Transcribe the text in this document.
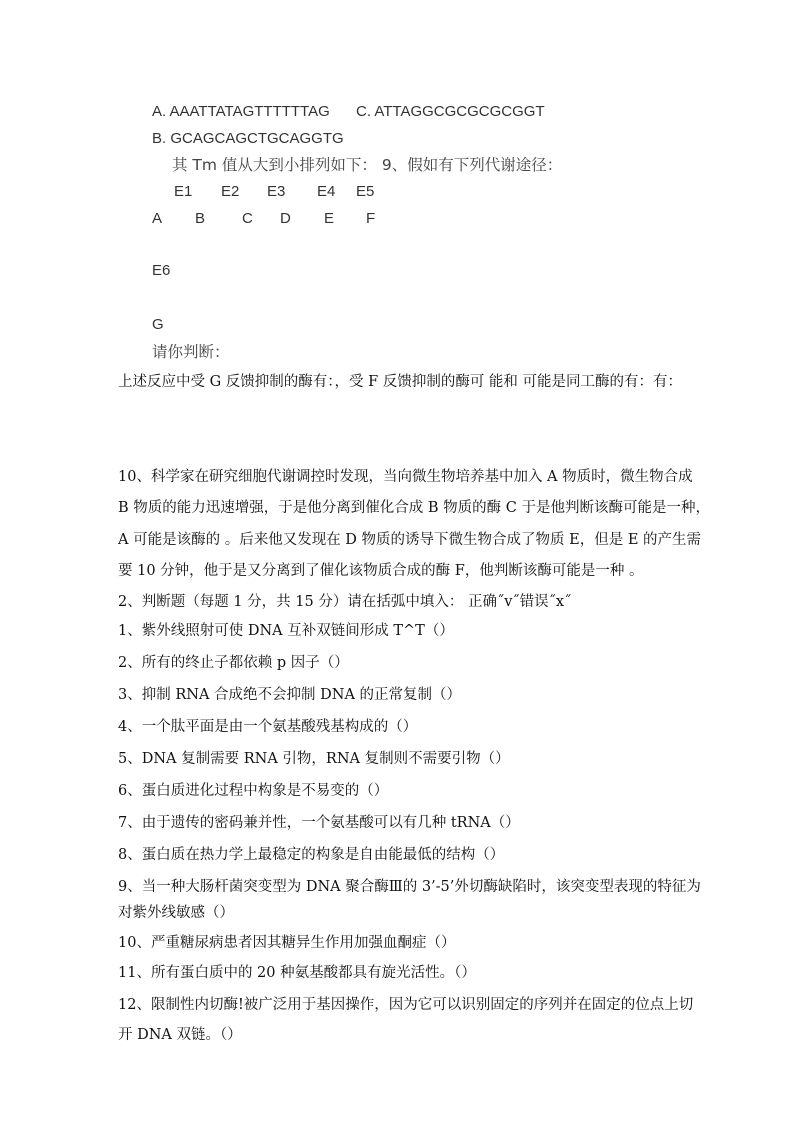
A. AAATTATAGTTTTTTAG C. ATTAGGCGCGCGCGGT
B. GCAGCAGCTGCAGGTG
其 Tm 值从大到小排列如下： 9、假如有下列代谢途径：
E1 E2 E3 E4 E5
A B C D E F
E6
G
请你判断：
上述反应中受 G 反馈抑制的酶有：，受 F 反馈抑制的酶可 能和 可能是同工酶的有：有：
10、科学家在研究细胞代谢调控时发现，当向微生物培养基中加入 A 物质时，微生物合成
B 物质的能力迅速增强，于是他分离到催化合成 B 物质的酶 C 于是他判断该酶可能是一种，
A 可能是该酶的 。后来他又发现在 D 物质的诱导下微生物合成了物质 E，但是 E 的产生需
要 10 分钟，他于是又分离到了催化该物质合成的酶 F，他判断该酶可能是一种 。
2、判断题（每题 1 分，共 15 分）请在括弧中填入： 正确˝v˝错误˝x˝
1、紫外线照射可使 DNA 互补双链间形成 T^T（）
2、所有的终止子都依赖 p 因子（）
3、抑制 RNA 合成绝不会抑制 DNA 的正常复制（）
4、一个肽平面是由一个氨基酸残基构成的（）
5、DNA 复制需要 RNA 引物，RNA 复制则不需要引物（）
6、蛋白质进化过程中构象是不易变的（）
7、由于遗传的密码兼并性，一个氨基酸可以有几种 tRNA（）
8、蛋白质在热力学上最稳定的构象是自由能最低的结构（）
9、当一种大肠杆菌突变型为 DNA 聚合酶Ⅲ的 3’-5’外切酶缺陷时，该突变型表现的特征为
对紫外线敏感（）
10、严重糖尿病患者因其糖异生作用加强血酮症（）
11、所有蛋白质中的 20 种氨基酸都具有旋光活性。（）
12、限制性内切酶!被广泛用于基因操作，因为它可以识别固定的序列并在固定的位点上切
开 DNA 双链。（）
